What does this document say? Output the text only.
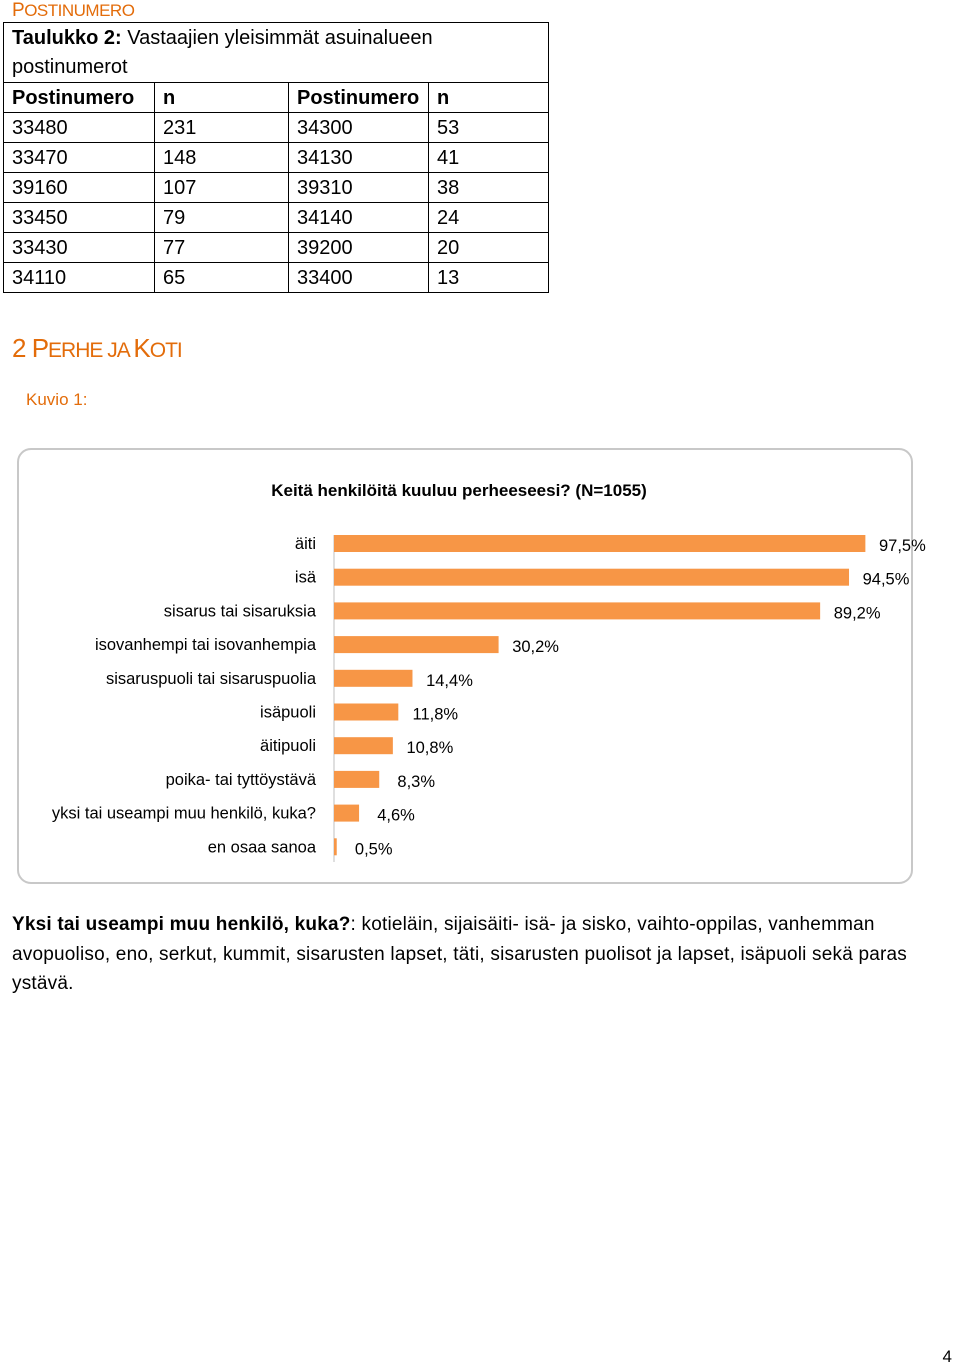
POSTINUMERO
Taulukko 2: Vastaajien yleisimmät asuinalueen postinumerot			
Postinumero	n	Postinumero	n
33480	231	34300	53
33470	148	34130	41
39160	107	39310	38
33450	79	34140	24
33430	77	39200	20
34110	65	33400	13
2 PERHE JA KOTI
Kuvio 1:
Keitä henkilöitä kuuluu perheeseesi? (N=1055)
äiti	97,5%
isä	94,5%
sisarus tai sisaruksia	89,2%
isovanhempi tai isovanhempia	30,2%
sisaruspuoli tai sisaruspuolia	14,4%
isäpuoli	11,8%
äitipuoli	10,8%
poika- tai tyttöystävä	8,3%
yksi tai useampi muu henkilö, kuka?	4,6%
en osaa sanoa 0,5%
Yksi tai useampi muu henkilö, kuka?: kotieläin, sijaisäiti- isä- ja sisko, vaihto-oppilas, vanhemman avopuoliso, eno, serkut, kummit, sisarusten lapset, täti, sisarusten puolisot ja lapset, isäpuoli sekä paras ystävä.
4
